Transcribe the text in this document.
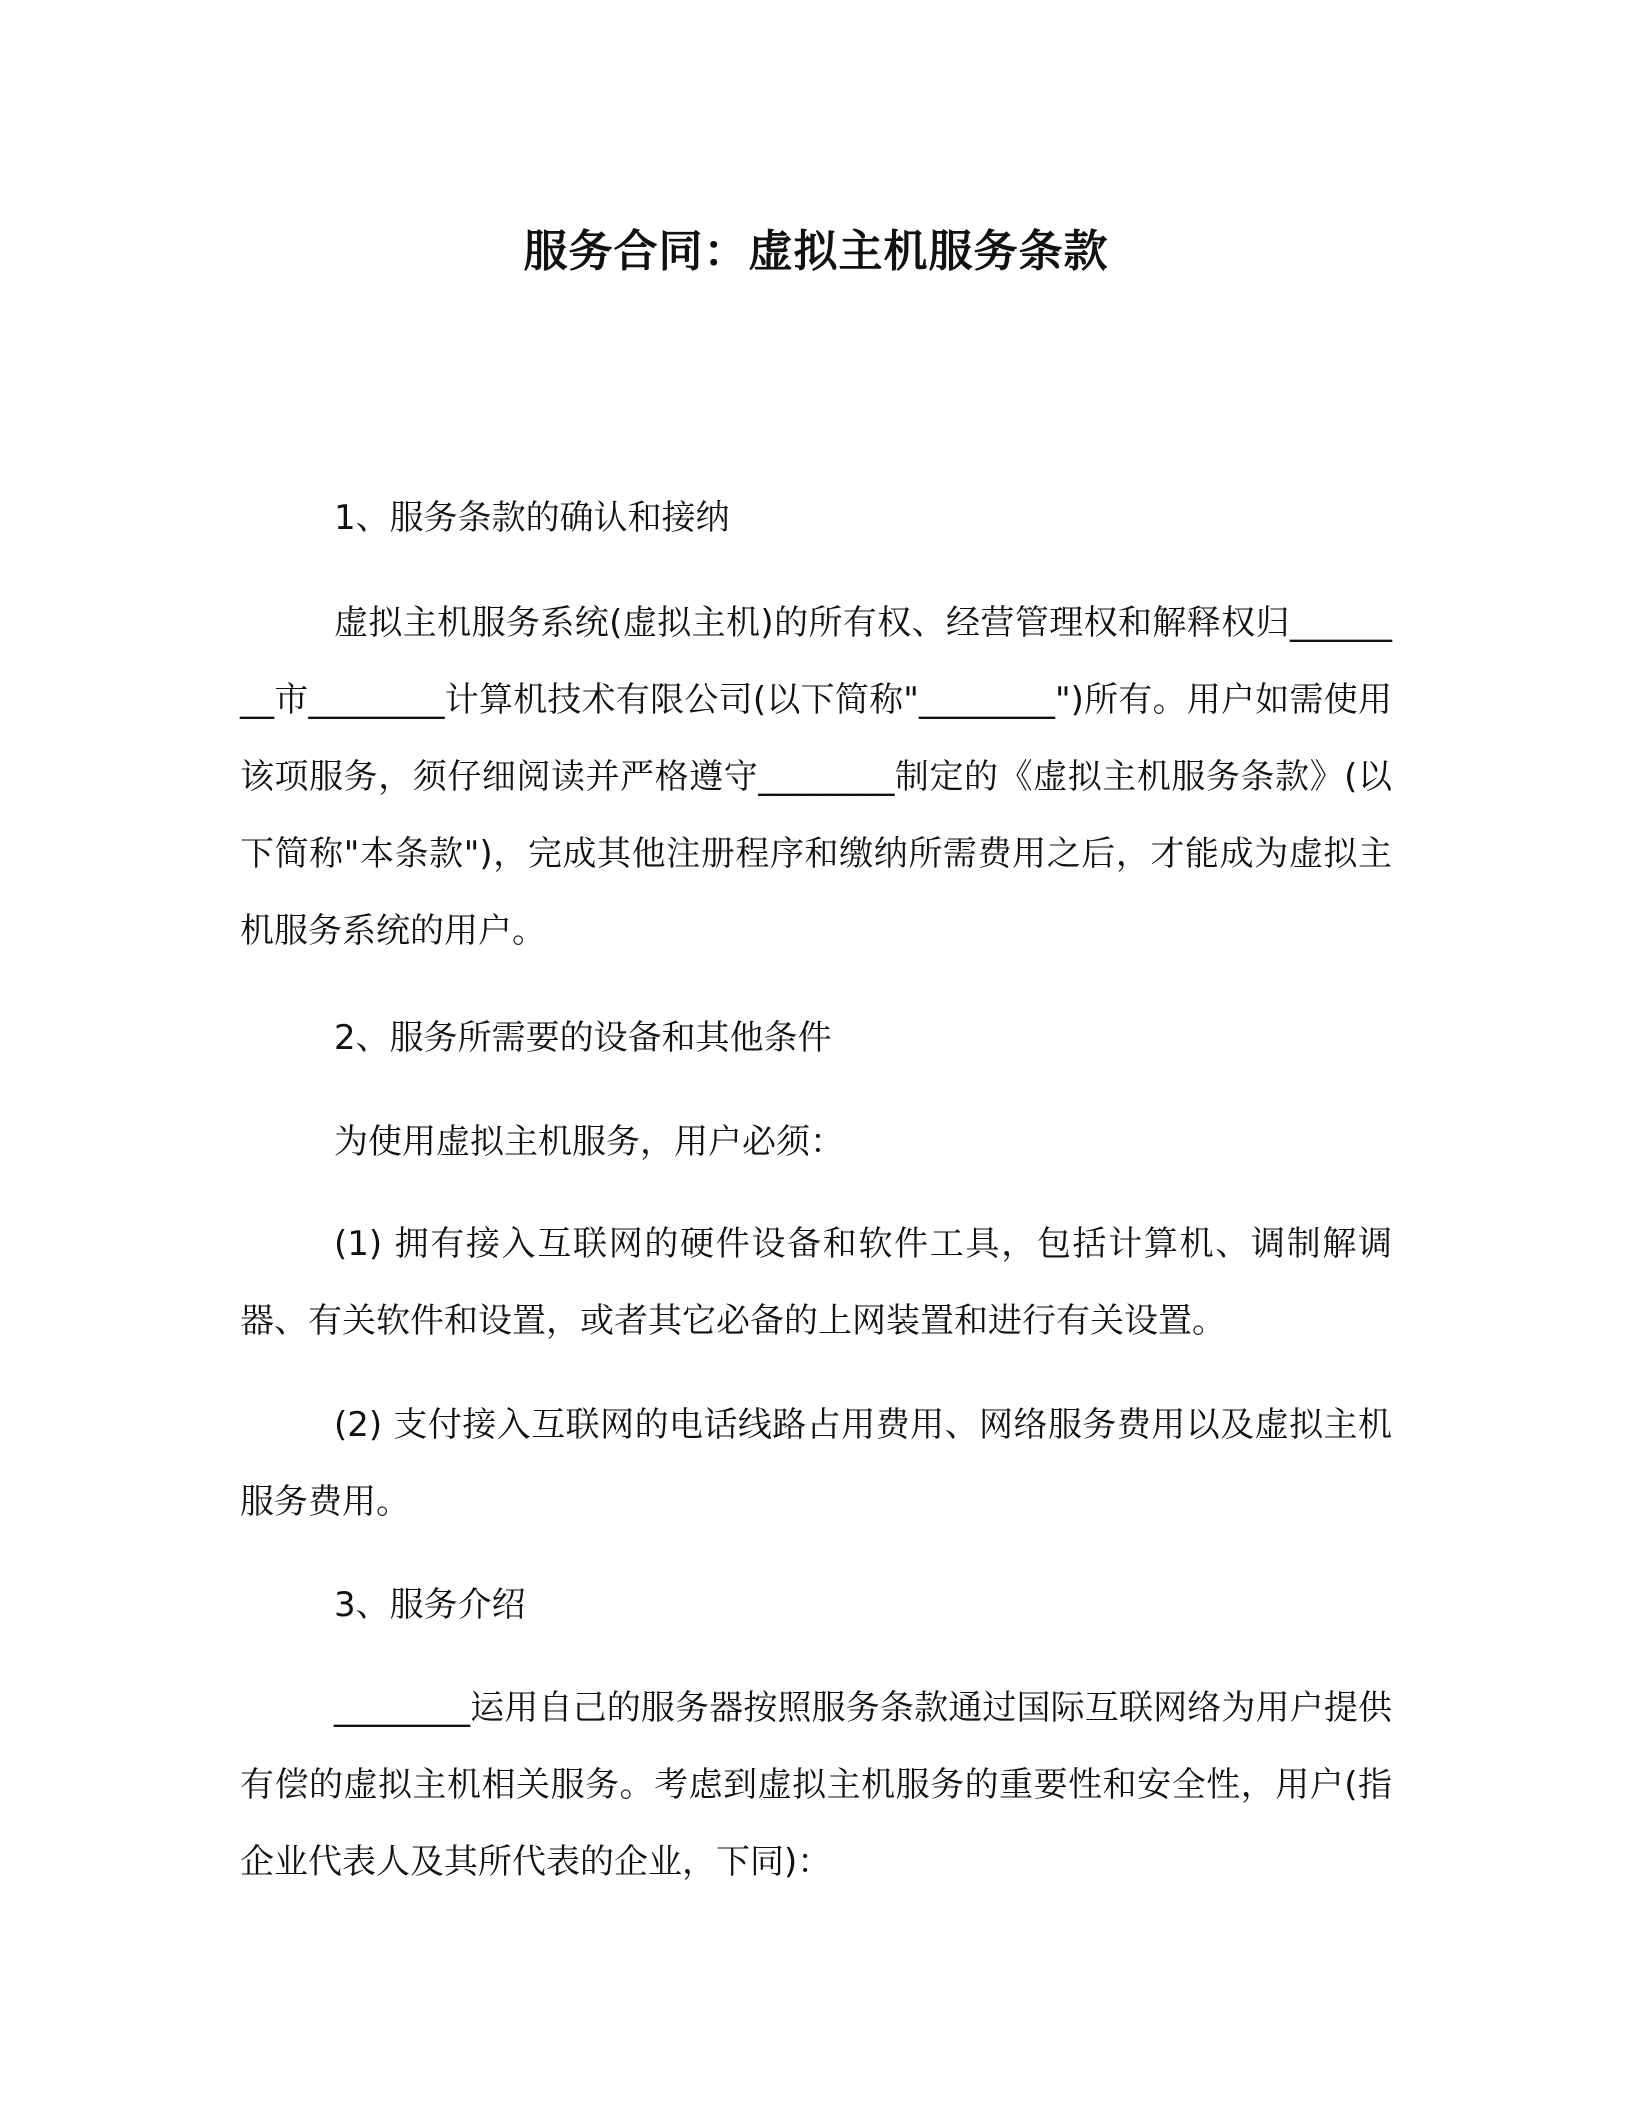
服务合同：虚拟主机服务条款

1、服务条款的确认和接纳

虚拟主机服务系统(虚拟主机)的所有权、经营管理权和解释权归________市________计算机技术有限公司(以下简称"________")所有。用户如需使用该项服务，须仔细阅读并严格遵守________制定的《虚拟主机服务条款》(以下简称"本条款")，完成其他注册程序和缴纳所需费用之后，才能成为虚拟主机服务系统的用户。

2、服务所需要的设备和其他条件

为使用虚拟主机服务，用户必须：

(1) 拥有接入互联网的硬件设备和软件工具，包括计算机、调制解调器、有关软件和设置，或者其它必备的上网装置和进行有关设置。

(2) 支付接入互联网的电话线路占用费用、网络服务费用以及虚拟主机服务费用。

3、服务介绍

________运用自己的服务器按照服务条款通过国际互联网络为用户提供有偿的虚拟主机相关服务。考虑到虚拟主机服务的重要性和安全性，用户(指企业代表人及其所代表的企业，下同)：
